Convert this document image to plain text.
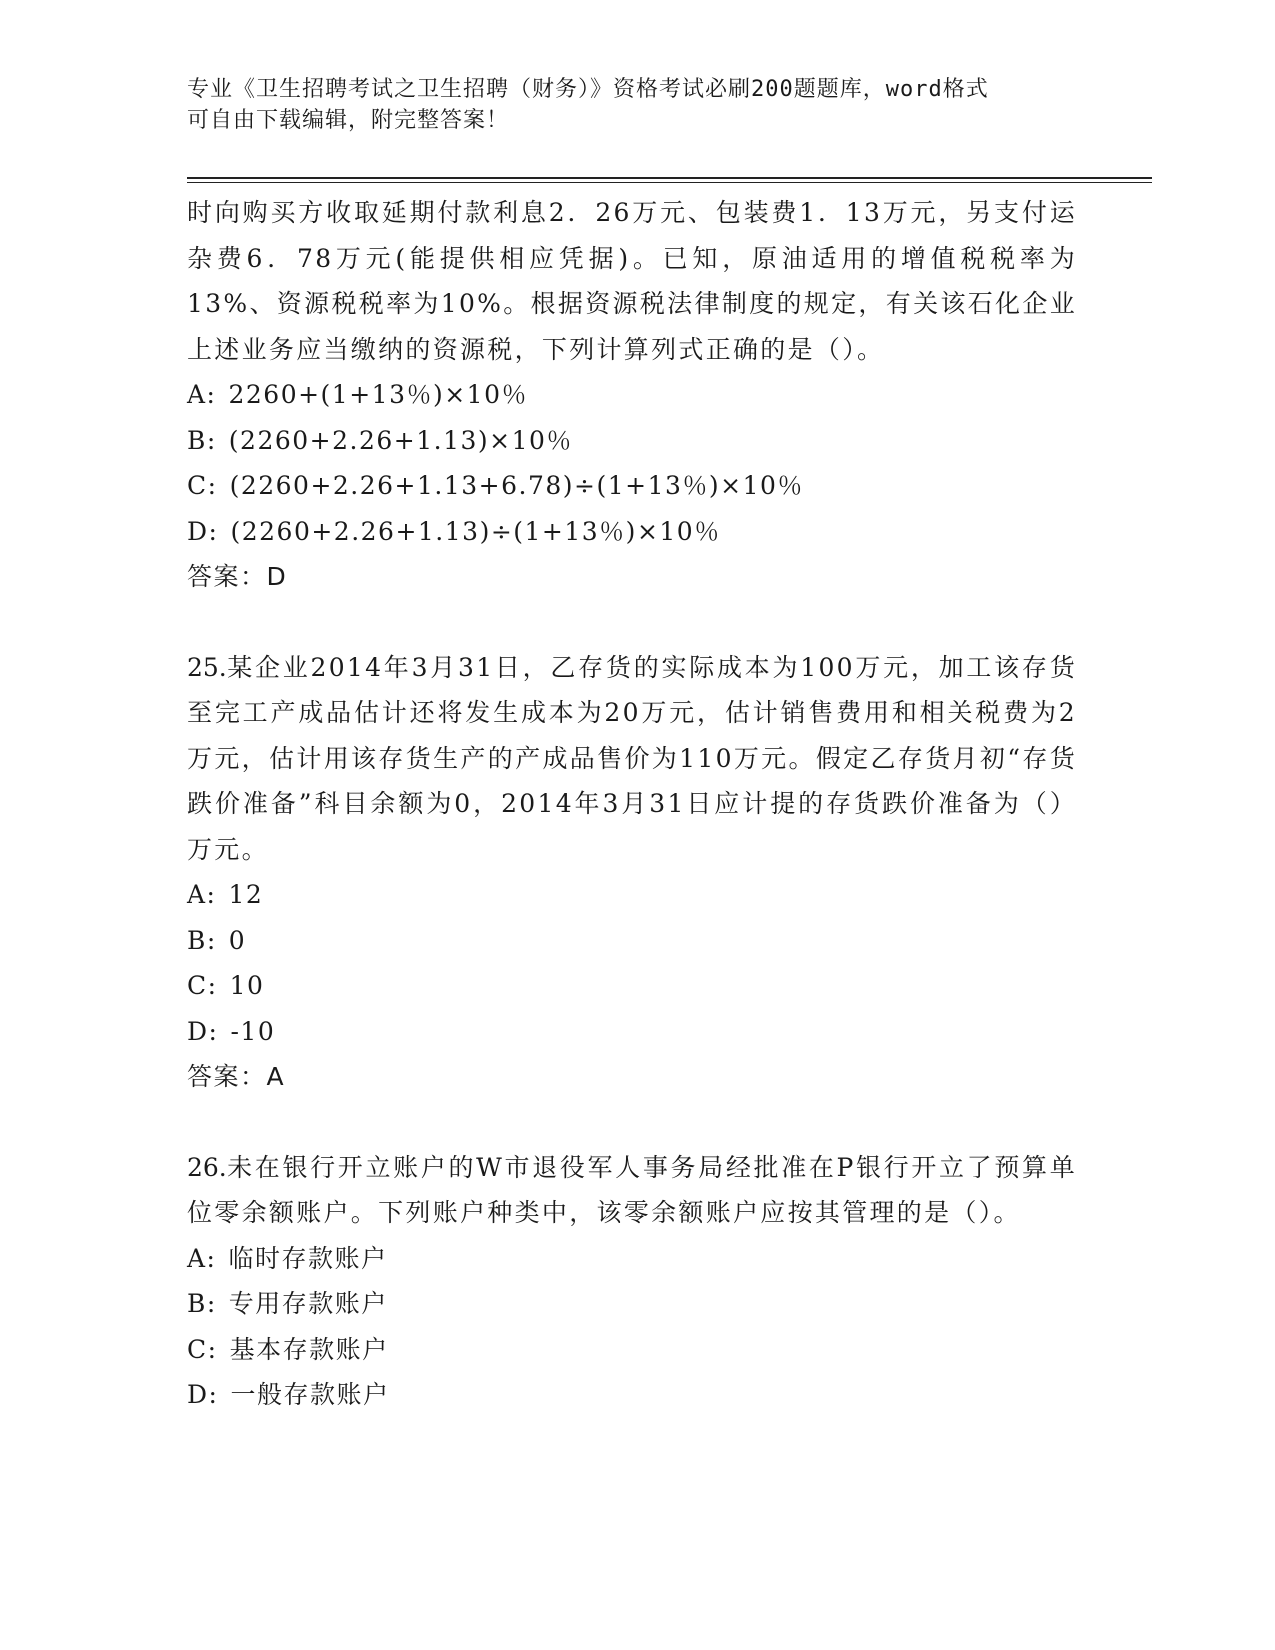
专业《卫生招聘考试之卫生招聘（财务）》资格考试必刷200题题库，word格式
可自由下载编辑，附完整答案！

时向购买方收取延期付款利息2．26万元、包装费1．13万元，另支付运杂费6．78万元(能提供相应凭据)。已知，原油适用的增值税税率为13%、资源税税率为10%。根据资源税法律制度的规定，有关该石化企业上述业务应当缴纳的资源税，下列计算列式正确的是（）。

A: 2260+(1+13％)×10％

B: (2260+2.26+1.13)×10％

C: (2260+2.26+1.13+6.78)÷(1+13％)×10％

D: (2260+2.26+1.13)÷(1+13％)×10％

答案：D

25.某企业2014年3月31日，乙存货的实际成本为100万元，加工该存货至完工产成品估计还将发生成本为20万元，估计销售费用和相关税费为2万元，估计用该存货生产的产成品售价为110万元。假定乙存货月初“存货跌价准备”科目余额为0，2014年3月31日应计提的存货跌价准备为（）万元。

A: 12

B: 0

C: 10

D: -10

答案：A

26.未在银行开立账户的W市退役军人事务局经批准在P银行开立了预算单位零余额账户。下列账户种类中，该零余额账户应按其管理的是（）。

A: 临时存款账户

B: 专用存款账户

C: 基本存款账户

D: 一般存款账户
